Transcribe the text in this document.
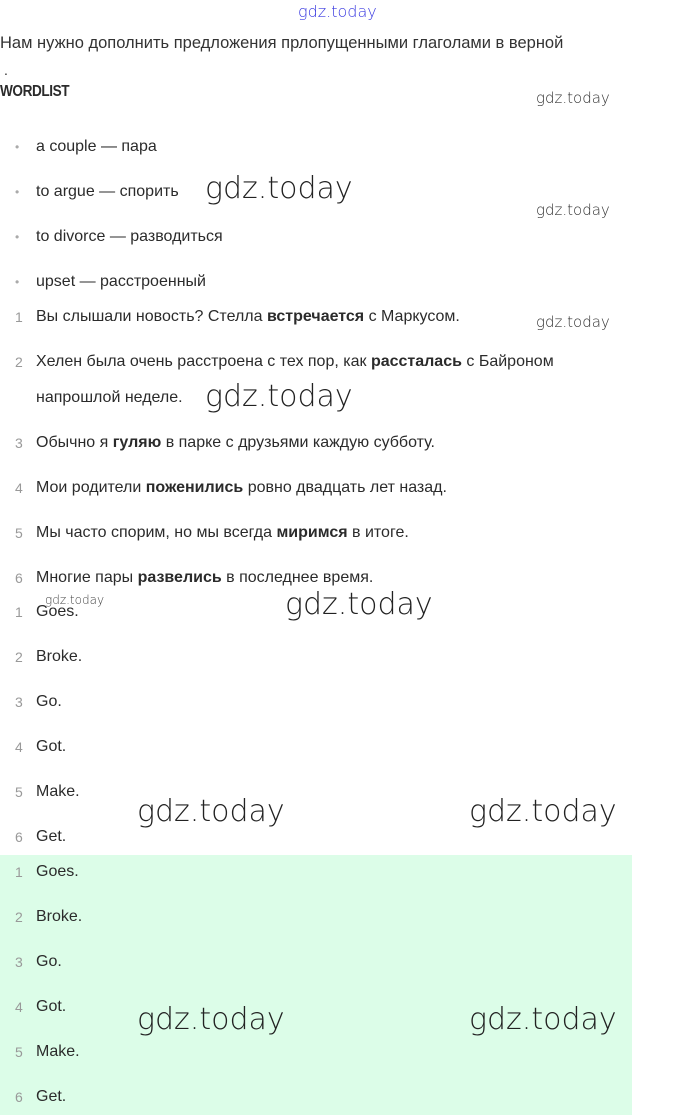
Нам нужно дополнить предложения прлопущенными глаголами в верной
.
WORDLIST
• a couple — пара
• to argue — спорить
• to divorce — разводиться
• upset — расстроенный
1 Вы слышали новость? Стелла встречается с Маркусом.
2 Хелен была очень расстроена с тех пор, как рассталась с Байроном
напрошлой неделе.
3 Обычно я гуляю в парке с друзьями каждую субботу.
4 Мои родители поженились ровно двадцать лет назад.
5 Мы часто спорим, но мы всегда миримся в итоге.
6 Многие пары развелись в последнее время.
1 Goes.
2 Broke.
3 Go.
4 Got.
5 Make.
6 Get.
1 Goes.
2 Broke.
3 Go.
4 Got.
5 Make.
6 Get.
gdz.today
gdz.today
gdz.today
gdz.today
gdz.today
gdz.today
gdz.today	gdz.today
gdz.today	gdz.today
gdz.today	gdz.today
